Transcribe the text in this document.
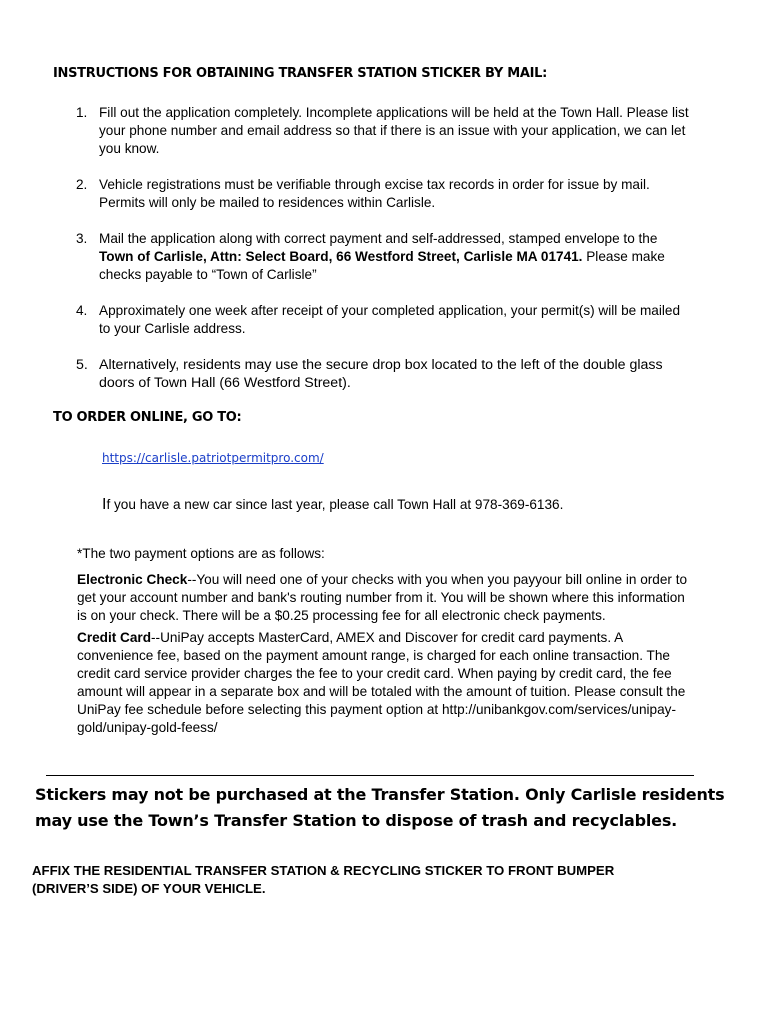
INSTRUCTIONS FOR OBTAINING TRANSFER STATION STICKER BY MAIL:
1. Fill out the application completely. Incomplete applications will be held at the Town Hall. Please list your phone number and email address so that if there is an issue with your application, we can let you know.
2. Vehicle registrations must be verifiable through excise tax records in order for issue by mail. Permits will only be mailed to residences within Carlisle.
3. Mail the application along with correct payment and self-addressed, stamped envelope to the Town of Carlisle, Attn: Select Board, 66 Westford Street, Carlisle MA 01741. Please make checks payable to “Town of Carlisle”
4. Approximately one week after receipt of your completed application, your permit(s) will be mailed to your Carlisle address.
5. Alternatively, residents may use the secure drop box located to the left of the double glass doors of Town Hall (66 Westford Street).
TO ORDER ONLINE, GO TO:
https://carlisle.patriotpermitpro.com/
If you have a new car since last year, please call Town Hall at 978-369-6136.

*The two payment options are as follows:

Electronic Check--You will need one of your checks with you when you payyour bill online in order to get your account number and bank's routing number from it. You will be shown where this information is on your check. There will be a $0.25 processing fee for all electronic check payments.

Credit Card--UniPay accepts MasterCard, AMEX and Discover for credit card payments. A convenience fee, based on the payment amount range, is charged for each online transaction. The credit card service provider charges the fee to your credit card. When paying by credit card, the fee amount will appear in a separate box and will be totaled with the amount of tuition. Please consult the UniPay fee schedule before selecting this payment option at http://unibankgov.com/services/unipay-gold/unipay-gold-feess/

Stickers may not be purchased at the Transfer Station. Only Carlisle residents may use the Town’s Transfer Station to dispose of trash and recyclables.
AFFIX THE RESIDENTIAL TRANSFER STATION & RECYCLING STICKER TO FRONT BUMPER (DRIVER’S SIDE) OF YOUR VEHICLE.
